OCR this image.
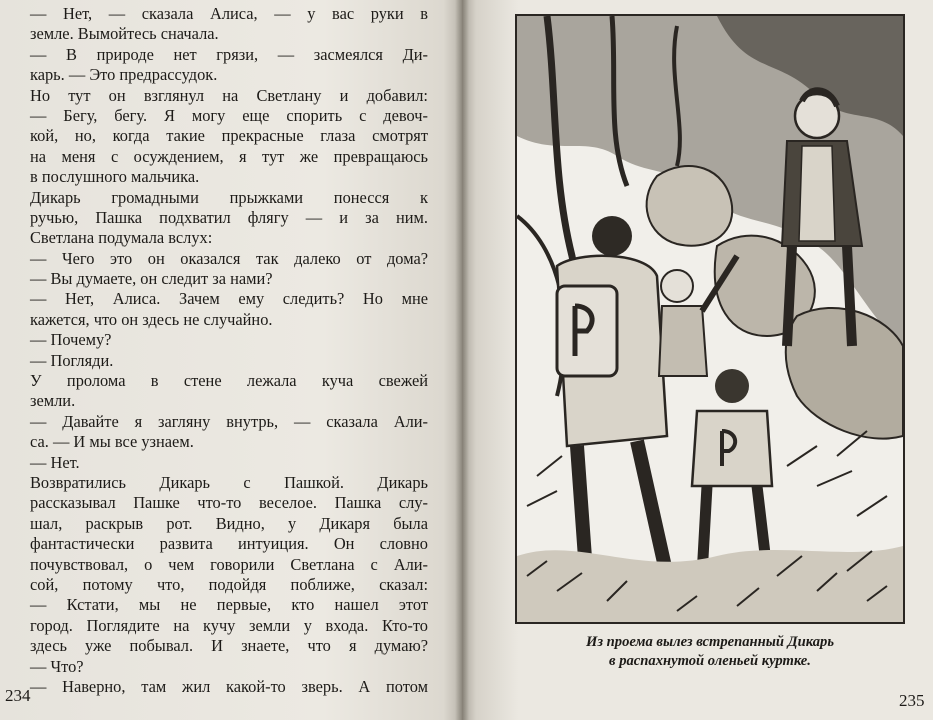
— Нет, — сказала Алиса, — у вас руки в
земле. Вымойтесь сначала.
— В природе нет грязи, — засмеялся Ди-
карь. — Это предрассудок.
Но тут он взглянул на Светлану и добавил:
— Бегу, бегу. Я могу еще спорить с девоч-
кой, но, когда такие прекрасные глаза смотрят
на меня с осуждением, я тут же превращаюсь
в послушного мальчика.
Дикарь громадными прыжками понесся к
ручью, Пашка подхватил флягу — и за ним.
Светлана подумала вслух:
— Чего это он оказался так далеко от дома?
— Вы думаете, он следит за нами?
— Нет, Алиса. Зачем ему следить? Но мне
кажется, что он здесь не случайно.
— Почему?
— Погляди.
У пролома в стене лежала куча свежей
земли.
— Давайте я загляну внутрь, — сказала Али-
са. — И мы все узнаем.
— Нет.
Возвратились Дикарь с Пашкой. Дикарь
рассказывал Пашке что-то веселое. Пашка слу-
шал, раскрыв рот. Видно, у Дикаря была
фантастически развита интуиция. Он словно
почувствовал, о чем говорили Светлана с Али-
сой, потому что, подойдя поближе, сказал:
— Кстати, мы не первые, кто нашел этот
город. Поглядите на кучу земли у входа. Кто-то
здесь уже побывал. И знаете, что я думаю?
— Что?
— Наверно, там жил какой-то зверь. А потом
234
Из проема вылез встрепанный Дикарь
в распахнутой оленьей куртке.
235
